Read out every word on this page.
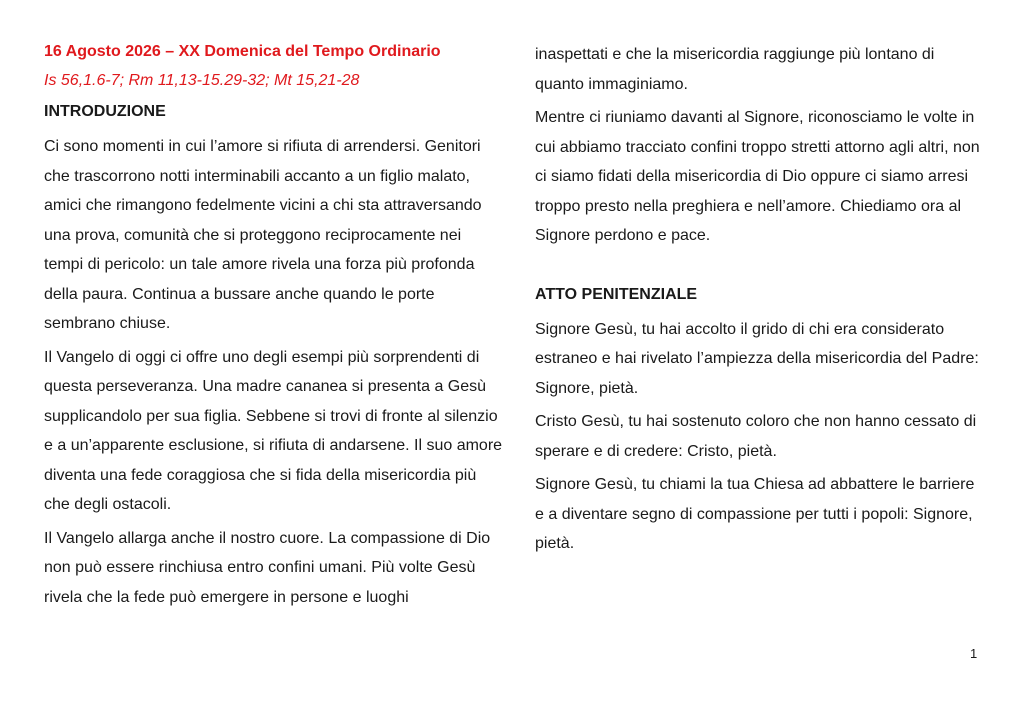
16 Agosto 2026 – XX Domenica del Tempo Ordinario

Is 56,1.6-7; Rm 11,13-15.29-32; Mt 15,21-28

INTRODUZIONE

Ci sono momenti in cui l’amore si rifiuta di arrendersi. Genitori che trascorrono notti interminabili accanto a un figlio malato, amici che rimangono fedelmente vicini a chi sta attraversando una prova, comunità che si proteggono reciprocamente nei tempi di pericolo: un tale amore rivela una forza più profonda della paura. Continua a bussare anche quando le porte sembrano chiuse.

Il Vangelo di oggi ci offre uno degli esempi più sorprendenti di questa perseveranza. Una madre cananea si presenta a Gesù supplicandolo per sua figlia. Sebbene si trovi di fronte al silenzio e a un’apparente esclusione, si rifiuta di andarsene. Il suo amore diventa una fede coraggiosa che si fida della misericordia più che degli ostacoli.

Il Vangelo allarga anche il nostro cuore. La compassione di Dio non può essere rinchiusa entro confini umani. Più volte Gesù rivela che la fede può emergere in persone e luoghi

inaspettati e che la misericordia raggiunge più lontano di quanto immaginiamo.

Mentre ci riuniamo davanti al Signore, riconosciamo le volte in cui abbiamo tracciato confini troppo stretti attorno agli altri, non ci siamo fidati della misericordia di Dio oppure ci siamo arresi troppo presto nella preghiera e nell’amore. Chiediamo ora al Signore perdono e pace.

ATTO PENITENZIALE

Signore Gesù, tu hai accolto il grido di chi era considerato estraneo e hai rivelato l’ampiezza della misericordia del Padre: Signore, pietà.

Cristo Gesù, tu hai sostenuto coloro che non hanno cessato di sperare e di credere: Cristo, pietà.

Signore Gesù, tu chiami la tua Chiesa ad abbattere le barriere e a diventare segno di compassione per tutti i popoli: Signore, pietà.

1
